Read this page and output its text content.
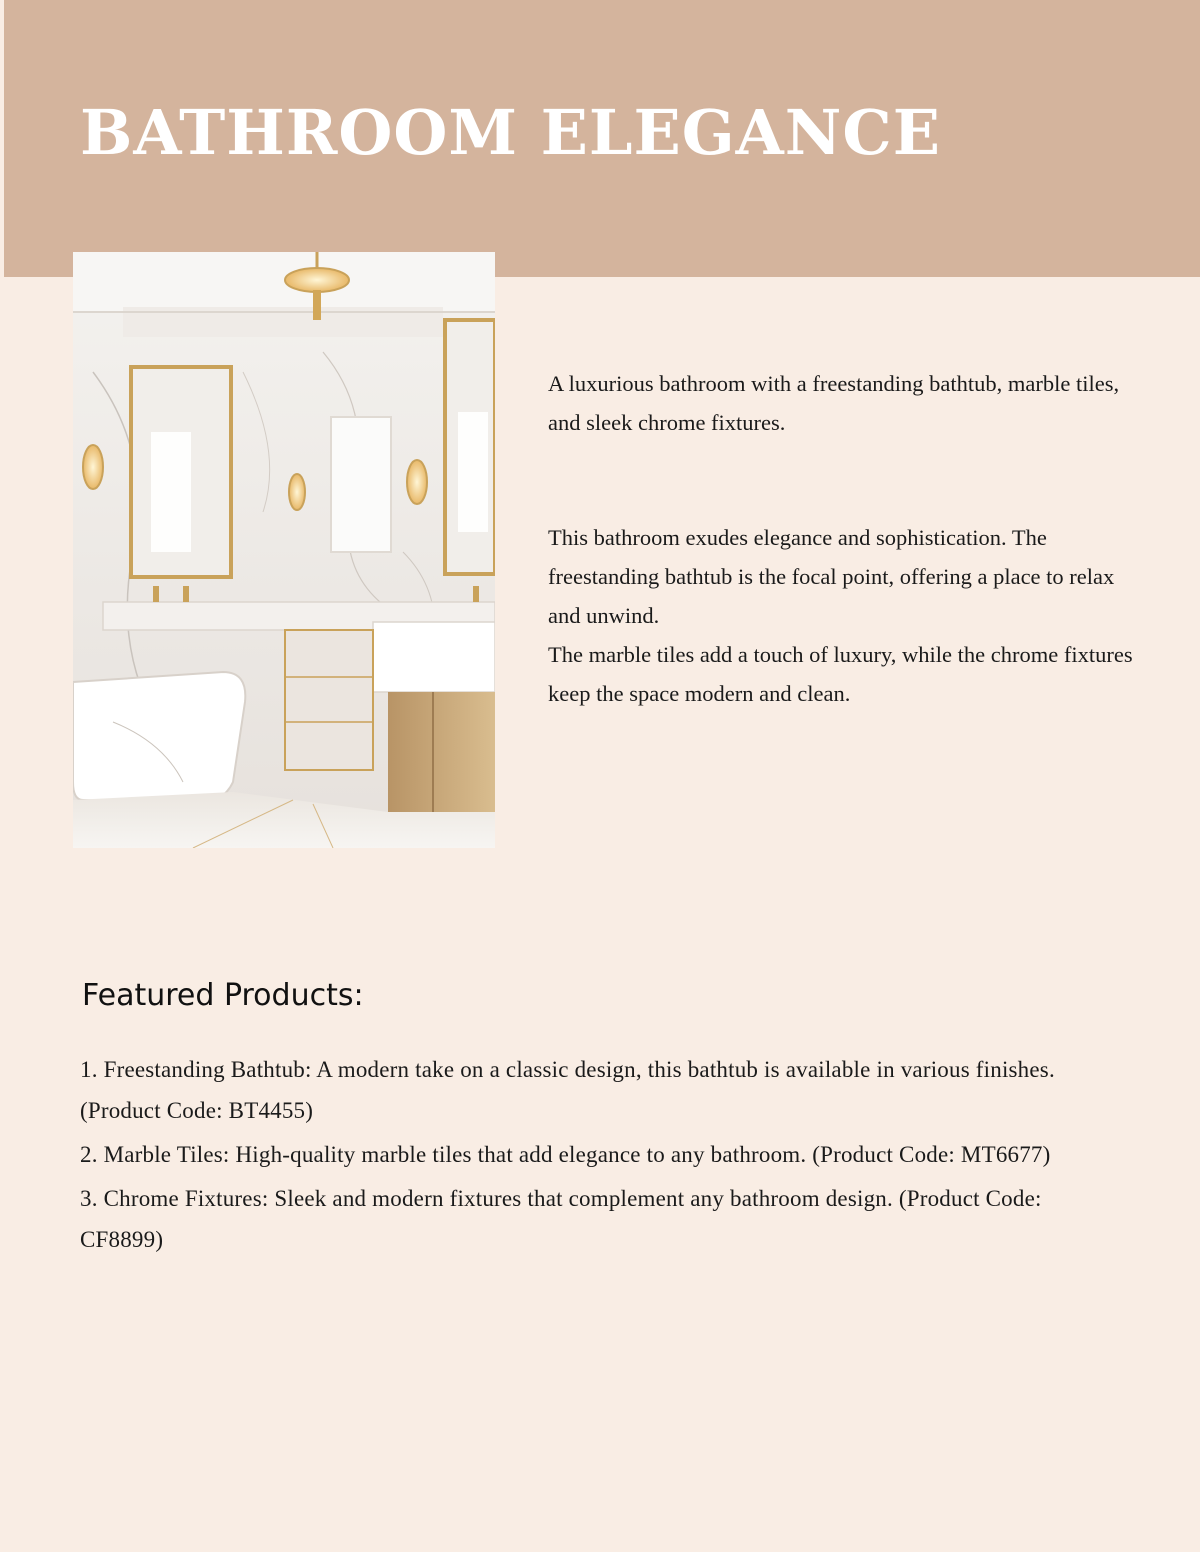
BATHROOM ELEGANCE

A luxurious bathroom with a freestanding bathtub, marble tiles, and sleek chrome fixtures.

This bathroom exudes elegance and sophistication. The freestanding bathtub is the focal point, offering a place to relax and unwind.

The marble tiles add a touch of luxury, while the chrome fixtures keep the space modern and clean.

Featured Products:
1. Freestanding Bathtub: A modern take on a classic design, this bathtub is available in various finishes. (Product Code: BT4455)
2. Marble Tiles: High-quality marble tiles that add elegance to any bathroom. (Product Code: MT6677)
3. Chrome Fixtures: Sleek and modern fixtures that complement any bathroom design. (Product Code: CF8899)
